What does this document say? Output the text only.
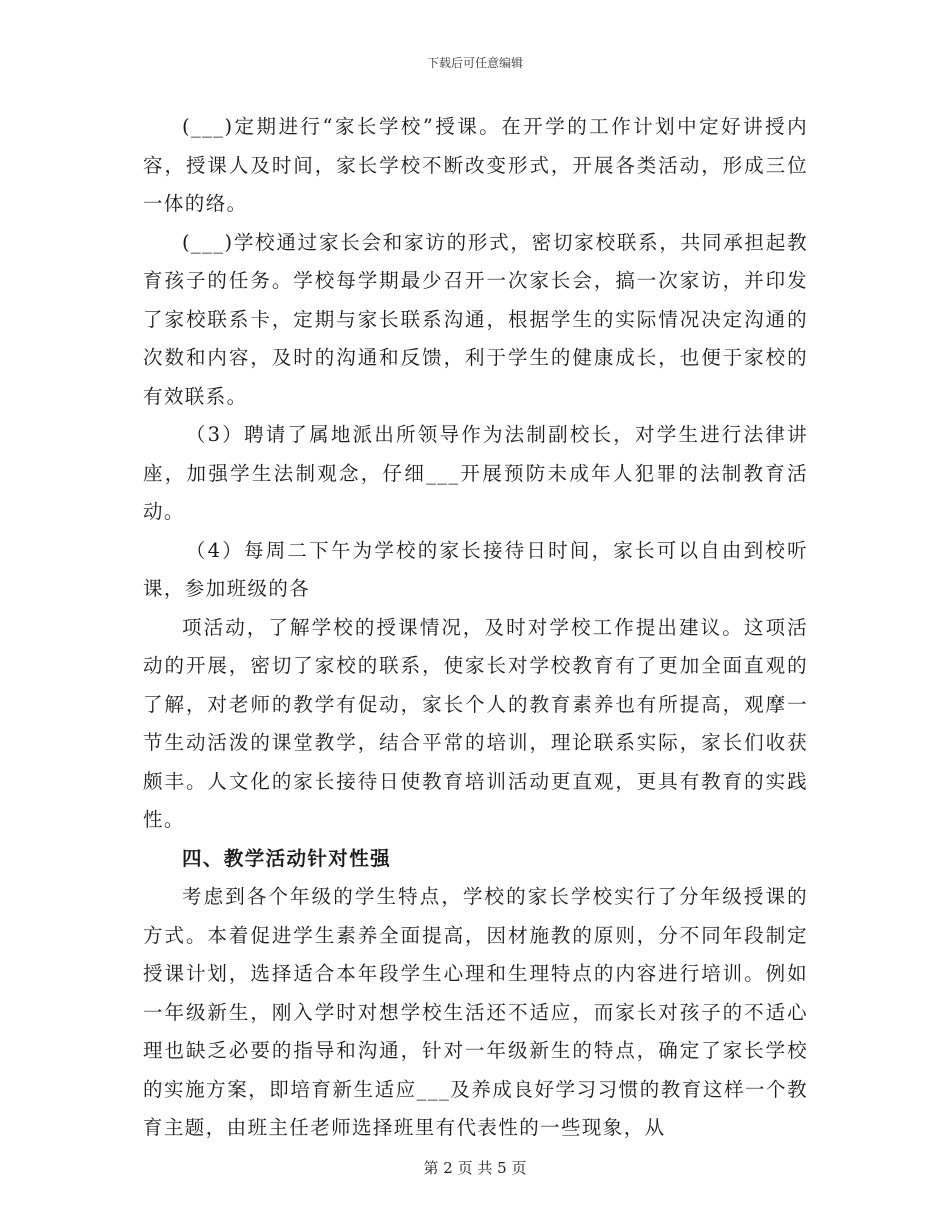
下载后可任意编辑

(___)定期进行“家长学校”授课。在开学的工作计划中定好讲授内容，授课人及时间，家长学校不断改变形式，开展各类活动，形成三位一体的络。

(___)学校通过家长会和家访的形式，密切家校联系，共同承担起教育孩子的任务。学校每学期最少召开一次家长会，搞一次家访，并印发了家校联系卡，定期与家长联系沟通，根据学生的实际情况决定沟通的次数和内容，及时的沟通和反馈，利于学生的健康成长，也便于家校的有效联系。

（3）聘请了属地派出所领导作为法制副校长，对学生进行法律讲座，加强学生法制观念，仔细___开展预防未成年人犯罪的法制教育活动。

（4）每周二下午为学校的家长接待日时间，家长可以自由到校听课，参加班级的各

项活动，了解学校的授课情况，及时对学校工作提出建议。这项活动的开展，密切了家校的联系，使家长对学校教育有了更加全面直观的了解，对老师的教学有促动，家长个人的教育素养也有所提高，观摩一节生动活泼的课堂教学，结合平常的培训，理论联系实际，家长们收获颇丰。人文化的家长接待日使教育培训活动更直观，更具有教育的实践性。

四、教学活动针对性强

考虑到各个年级的学生特点，学校的家长学校实行了分年级授课的方式。本着促进学生素养全面提高，因材施教的原则，分不同年段制定授课计划，选择适合本年段学生心理和生理特点的内容进行培训。例如一年级新生，刚入学时对想学校生活还不适应，而家长对孩子的不适心理也缺乏必要的指导和沟通，针对一年级新生的特点，确定了家长学校的实施方案，即培育新生适应___及养成良好学习习惯的教育这样一个教育主题，由班主任老师选择班里有代表性的一些现象，从

第 2 页 共 5 页
